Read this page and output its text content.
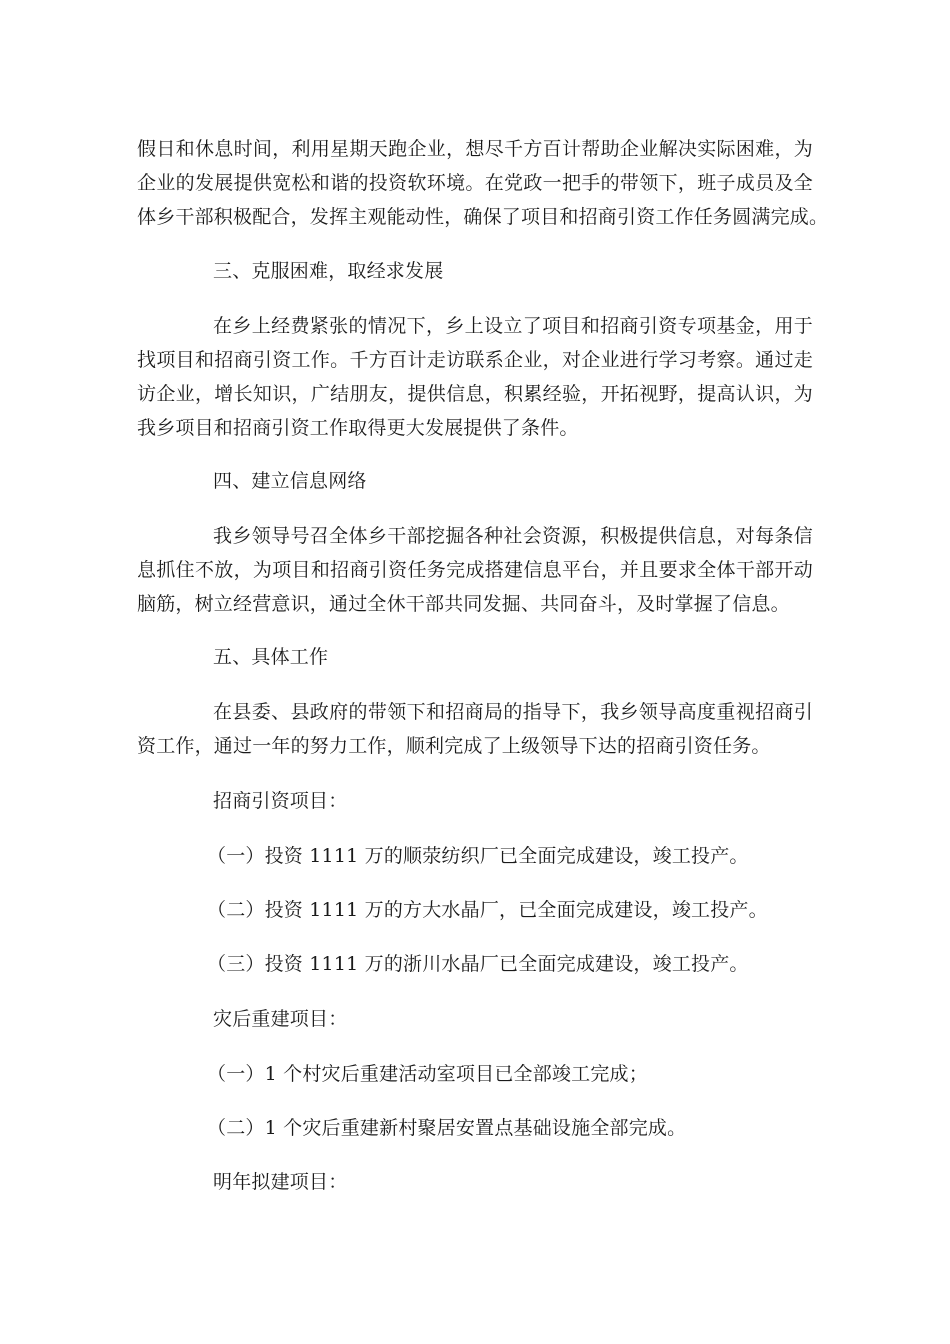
假日和休息时间，利用星期天跑企业，想尽千方百计帮助企业解决实际困难，为
企业的发展提供宽松和谐的投资软环境。在党政一把手的带领下，班子成员及全
体乡干部积极配合，发挥主观能动性，确保了项目和招商引资工作任务圆满完成。
三、克服困难，取经求发展
在乡上经费紧张的情况下，乡上设立了项目和招商引资专项基金，用于
找项目和招商引资工作。千方百计走访联系企业，对企业进行学习考察。通过走
访企业，增长知识，广结朋友，提供信息，积累经验，开拓视野，提高认识，为
我乡项目和招商引资工作取得更大发展提供了条件。
四、建立信息网络
我乡领导号召全体乡干部挖掘各种社会资源，积极提供信息，对每条信
息抓住不放，为项目和招商引资任务完成搭建信息平台，并且要求全体干部开动
脑筋，树立经营意识，通过全休干部共同发掘、共同奋斗，及时掌握了信息。
五、具体工作
在县委、县政府的带领下和招商局的指导下，我乡领导高度重视招商引
资工作，通过一年的努力工作，顺利完成了上级领导下达的招商引资任务。
招商引资项目：
（一）投资 1111 万的顺荥纺织厂已全面完成建设，竣工投产。
（二）投资 1111 万的方大水晶厂，已全面完成建设，竣工投产。
（三）投资 1111 万的浙川水晶厂已全面完成建设，竣工投产。
灾后重建项目：
（一）1 个村灾后重建活动室项目已全部竣工完成；
（二）1 个灾后重建新村聚居安置点基础设施全部完成。
明年拟建项目：
